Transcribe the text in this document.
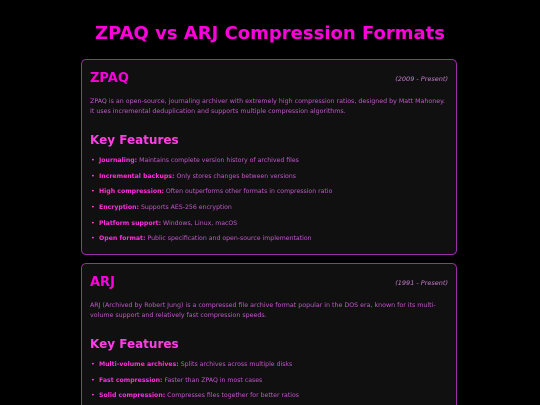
ZPAQ vs ARJ Compression Formats
ZPAQ	(2009 - Present)

ZPAQ is an open-source, journaling archiver with extremely high compression ratios, designed by Matt Mahoney. It uses incremental deduplication and supports multiple compression algorithms.

Key Features
• Journaling: Maintains complete version history of archived files
• Incremental backups: Only stores changes between versions
• High compression: Often outperforms other formats in compression ratio
• Encryption: Supports AES-256 encryption
• Platform support: Windows, Linux, macOS
• Open format: Public specification and open-source implementation
ARJ	(1991 - Present)

ARJ (Archived by Robert Jung) is a compressed file archive format popular in the DOS era, known for its multi-volume support and relatively fast compression speeds.

Key Features
• Multi-volume archives: Splits archives across multiple disks
• Fast compression: Faster than ZPAQ in most cases
• Solid compression: Compresses files together for better ratios
